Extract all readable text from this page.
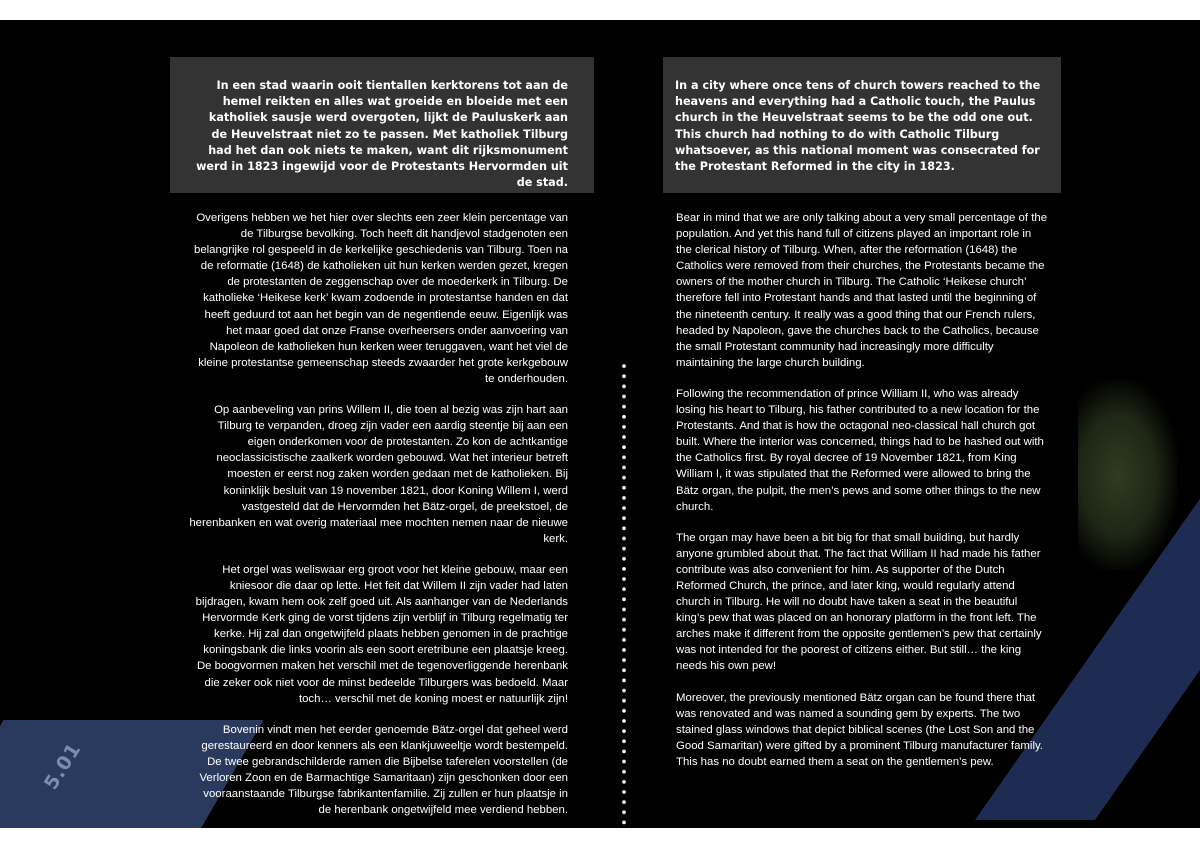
In een stad waarin ooit tientallen kerktorens tot aan de hemel reikten en alles wat groeide en bloeide met een katholiek sausje werd overgoten, lijkt de Pauluskerk aan de Heuvelstraat niet zo te passen. Met katholiek Tilburg had het dan ook niets te maken, want dit rijksmonument werd in 1823 ingewijd voor de Protestants Hervormden uit de stad.
In a city where once tens of church towers reached to the heavens and everything had a Catholic touch, the Paulus church in the Heuvelstraat seems to be the odd one out. This church had nothing to do with Catholic Tilburg whatsoever, as this national moment was consecrated for the Protestant Reformed in the city in 1823.

Overigens hebben we het hier over slechts een zeer klein percentage van de Tilburgse bevolking. Toch heeft dit handjevol stadgenoten een belangrijke rol gespeeld in de kerkelijke geschiedenis van Tilburg. Toen na de reformatie (1648) de katholieken uit hun kerken werden gezet, kregen de protestanten de zeggenschap over de moederkerk in Tilburg. De katholieke ‘Heikese kerk’ kwam zodoende in protestantse handen en dat heeft geduurd tot aan het begin van de negentiende eeuw. Eigenlijk was het maar goed dat onze Franse overheersers onder aanvoering van Napoleon de katholieken hun kerken weer teruggaven, want het viel de kleine protestantse gemeenschap steeds zwaarder het grote kerkgebouw te onderhouden.

Op aanbeveling van prins Willem II, die toen al bezig was zijn hart aan Tilburg te verpanden, droeg zijn vader een aardig steentje bij aan een eigen onderkomen voor de protestanten. Zo kon de achtkantige neoclassicistische zaalkerk worden gebouwd. Wat het interieur betreft moesten er eerst nog zaken worden gedaan met de katholieken. Bij koninklijk besluit van 19 november 1821, door Koning Willem I, werd vastgesteld dat de Hervormden het Bätz-orgel, de preekstoel, de herenbanken en wat overig materiaal mee mochten nemen naar de nieuwe kerk.

Het orgel was weliswaar erg groot voor het kleine gebouw, maar een kniesoor die daar op lette. Het feit dat Willem II zijn vader had laten bijdragen, kwam hem ook zelf goed uit. Als aanhanger van de Nederlands Hervormde Kerk ging de vorst tijdens zijn verblijf in Tilburg regelmatig ter kerke. Hij zal dan ongetwijfeld plaats hebben genomen in de prachtige koningsbank die links voorin als een soort eretribune een plaatsje kreeg. De boogvormen maken het verschil met de tegenoverliggende herenbank die zeker ook niet voor de minst bedeelde Tilburgers was bedoeld. Maar toch… verschil met de koning moest er natuurlijk zijn!

Bovenin vindt men het eerder genoemde Bätz-orgel dat geheel werd gerestaureerd en door kenners als een klankjuweeltje wordt bestempeld. De twee gebrandschilderde ramen die Bijbelse taferelen voorstellen (de Verloren Zoon en de Barmachtige Samaritaan) zijn geschonken door een vooraanstaande Tilburgse fabrikantenfamilie. Zij zullen er hun plaatsje in de herenbank ongetwijfeld mee verdiend hebben.

Bear in mind that we are only talking about a very small percentage of the population. And yet this hand full of citizens played an important role in the clerical history of Tilburg. When, after the reformation (1648) the Catholics were removed from their churches, the Protestants became the owners of the mother church in Tilburg. The Catholic ‘Heikese church’ therefore fell into Protestant hands and that lasted until the beginning of the nineteenth century. It really was a good thing that our French rulers, headed by Napoleon, gave the churches back to the Catholics, because the small Protestant community had increasingly more difficulty maintaining the large church building.

Following the recommendation of prince William II, who was already losing his heart to Tilburg, his father contributed to a new location for the Protestants. And that is how the octagonal neo-classical hall church got built. Where the interior was concerned, things had to be hashed out with the Catholics first. By royal decree of 19 November 1821, from King William I, it was stipulated that the Reformed were allowed to bring the Bätz organ, the pulpit, the men’s pews and some other things to the new church.

The organ may have been a bit big for that small building, but hardly anyone grumbled about that. The fact that William II had made his father contribute was also convenient for him. As supporter of the Dutch Reformed Church, the prince, and later king, would regularly attend church in Tilburg. He will no doubt have taken a seat in the beautiful king’s pew that was placed on an honorary platform in the front left. The arches make it different from the opposite gentlemen’s pew that certainly was not intended for the poorest of citizens either. But still… the king needs his own pew!

Moreover, the previously mentioned Bätz organ can be found there that was renovated and was named a sounding gem by experts. The two stained glass windows that depict biblical scenes (the Lost Son and the Good Samaritan) were gifted by a prominent Tilburg manufacturer family. This has no doubt earned them a seat on the gentlemen’s pew.

5.01
